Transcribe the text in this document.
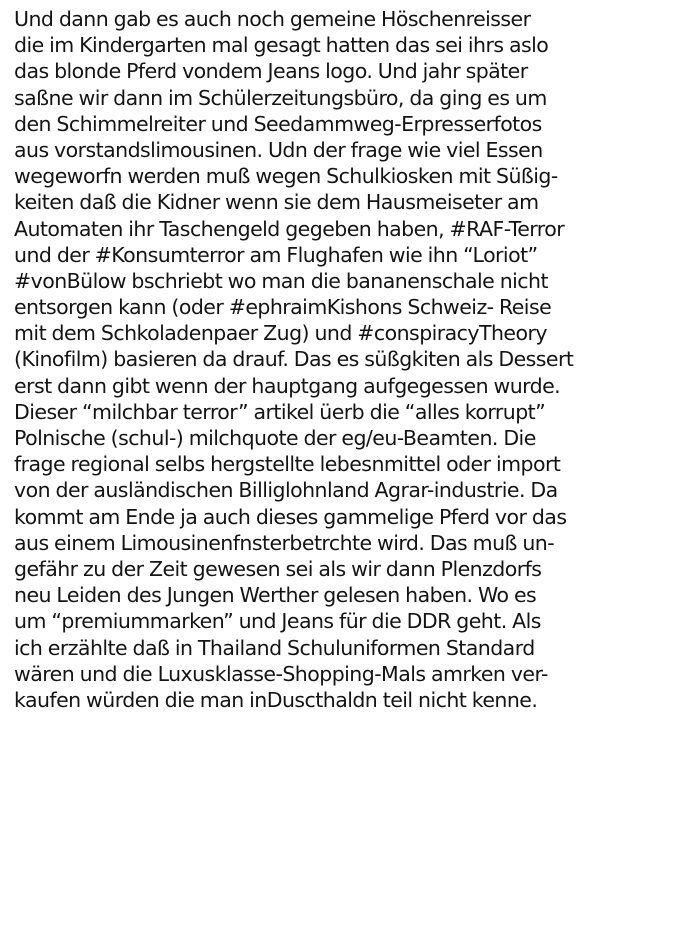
Und dann gab es auch noch gemeine Höschenreisser
die im Kindergarten mal gesagt hatten das sei ihrs aslo
das blonde Pferd vondem Jeans logo. Und jahr später
saßne wir dann im Schülerzeitungsbüro, da ging es um
den Schimmelreiter und Seedammweg-Erpresserfotos
aus vorstandslimousinen. Udn der frage wie viel Essen
wegeworfn werden muß wegen Schulkiosken mit Süßig-
keiten daß die Kidner wenn sie dem Hausmeiseter am
Automaten ihr Taschengeld gegeben haben, #RAF-Terror
und der #Konsumterror am Flughafen wie ihn “Loriot”
#vonBülow bschriebt wo man die bananenschale nicht
entsorgen kann (oder #ephraimKishons Schweiz- Reise
mit dem Schkoladenpaer Zug) und #conspiracyTheory
(Kinofilm) basieren da drauf. Das es süßgkiten als Dessert
erst dann gibt wenn der hauptgang aufgegessen wurde.
Dieser “milchbar terror” artikel üerb die “alles korrupt”
Polnische (schul-) milchquote der eg/eu-Beamten. Die
frage regional selbs hergstellte lebesnmittel oder import
von der ausländischen Billiglohnland Agrar-industrie. Da
kommt am Ende ja auch dieses gammelige Pferd vor das
aus einem Limousinenfnsterbetrchte wird. Das muß un-
gefähr zu der Zeit gewesen sei als wir dann Plenzdorfs
neu Leiden des Jungen Werther gelesen haben. Wo es
um “premiummarken” und Jeans für die DDR geht. Als
ich erzählte daß in Thailand Schuluniformen Standard
wären und die Luxusklasse-Shopping-Mals amrken ver-
kaufen würden die man inDuscthaldn teil nicht kenne.
